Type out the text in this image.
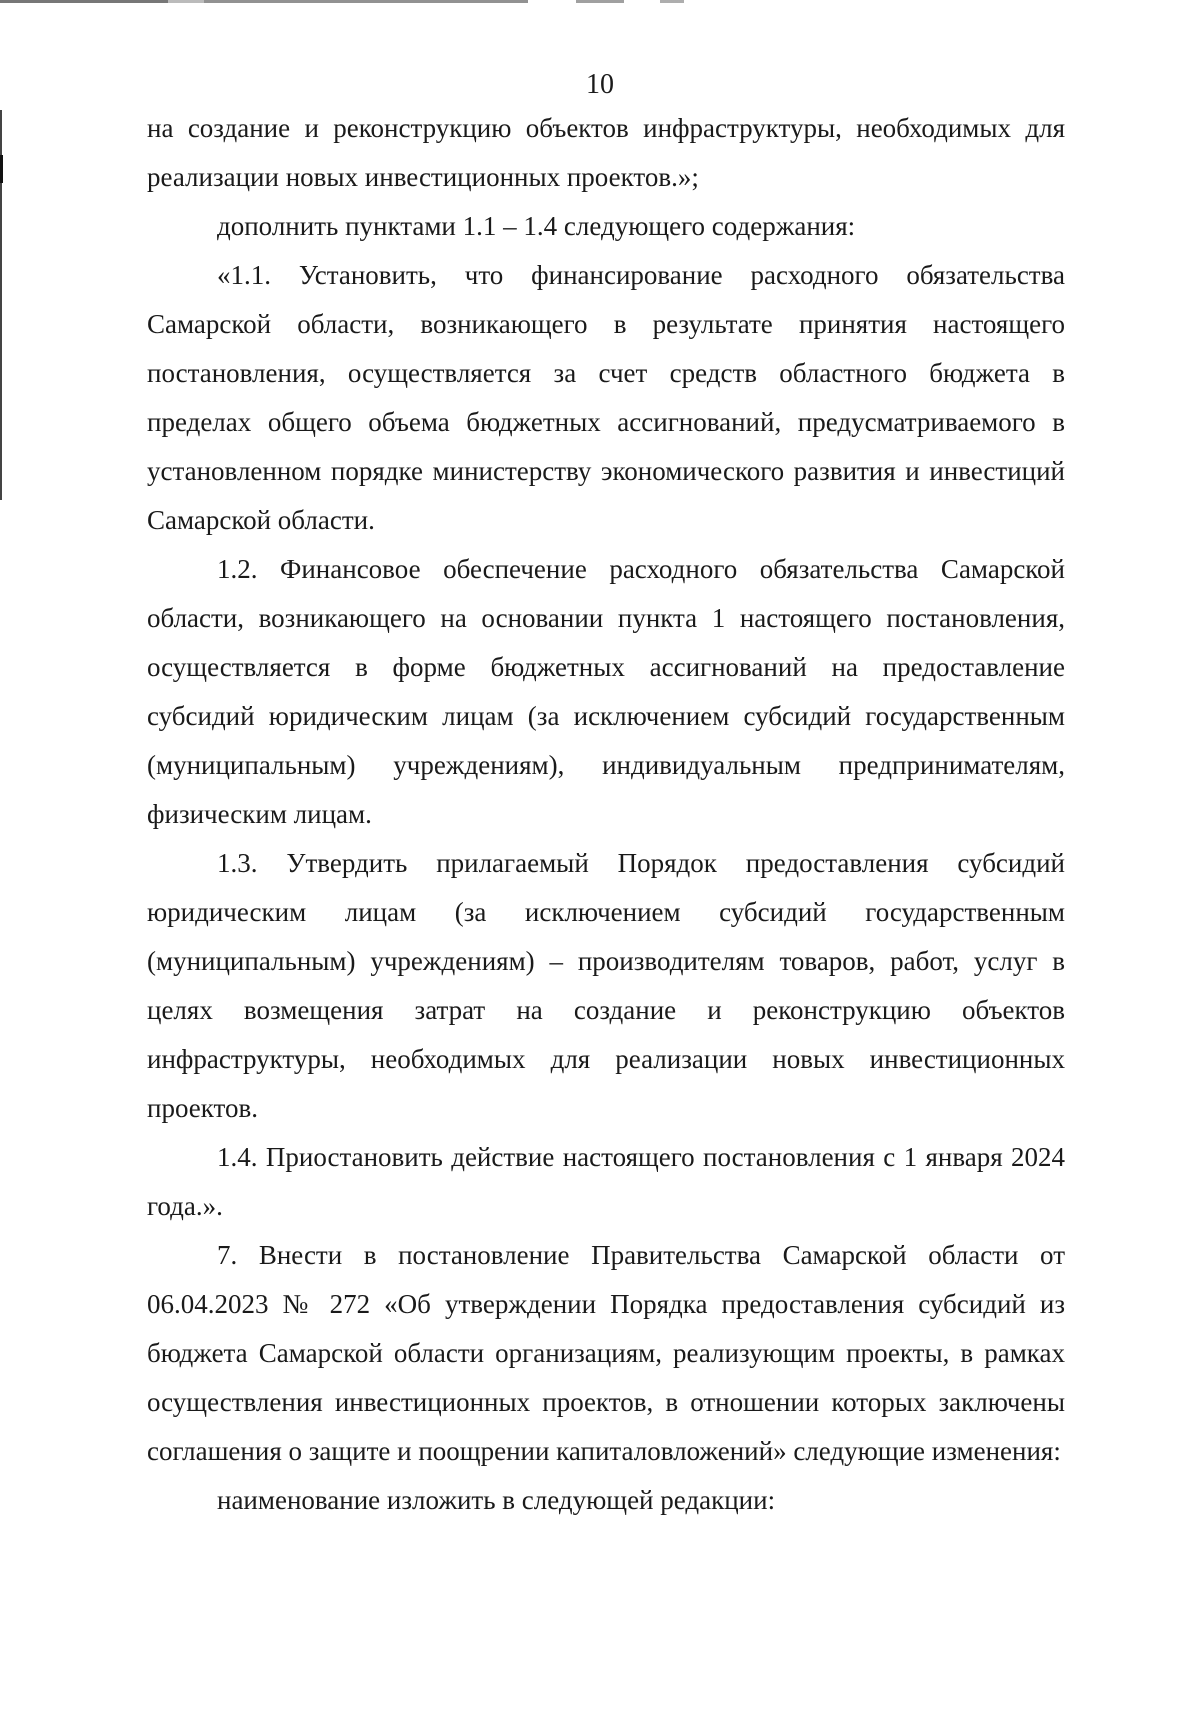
10

на создание и реконструкцию объектов инфраструктуры, необходимых для реализации новых инвестиционных проектов.»;

дополнить пунктами 1.1 – 1.4 следующего содержания:

«1.1. Установить, что финансирование расходного обязательства Самарской области, возникающего в результате принятия настоящего постановления, осуществляется за счет средств областного бюджета в пределах общего объема бюджетных ассигнований, предусматриваемого в установленном порядке министерству экономического развития и инвестиций Самарской области.

1.2. Финансовое обеспечение расходного обязательства Самарской области, возникающего на основании пункта 1 настоящего постановления, осуществляется в форме бюджетных ассигнований на предоставление субсидий юридическим лицам (за исключением субсидий государственным (муниципальным) учреждениям), индивидуальным предпринимателям, физическим лицам.

1.3. Утвердить прилагаемый Порядок предоставления субсидий юридическим лицам (за исключением субсидий государственным (муниципальным) учреждениям) – производителям товаров, работ, услуг в целях возмещения затрат на создание и реконструкцию объектов инфраструктуры, необходимых для реализации новых инвестиционных проектов.

1.4. Приостановить действие настоящего постановления с 1 января 2024 года.».

7. Внести в постановление Правительства Самарской области от 06.04.2023 № 272 «Об утверждении Порядка предоставления субсидий из бюджета Самарской области организациям, реализующим проекты, в рамках осуществления инвестиционных проектов, в отношении которых заключены соглашения о защите и поощрении капиталовложений» следующие изменения:

наименование изложить в следующей редакции:
